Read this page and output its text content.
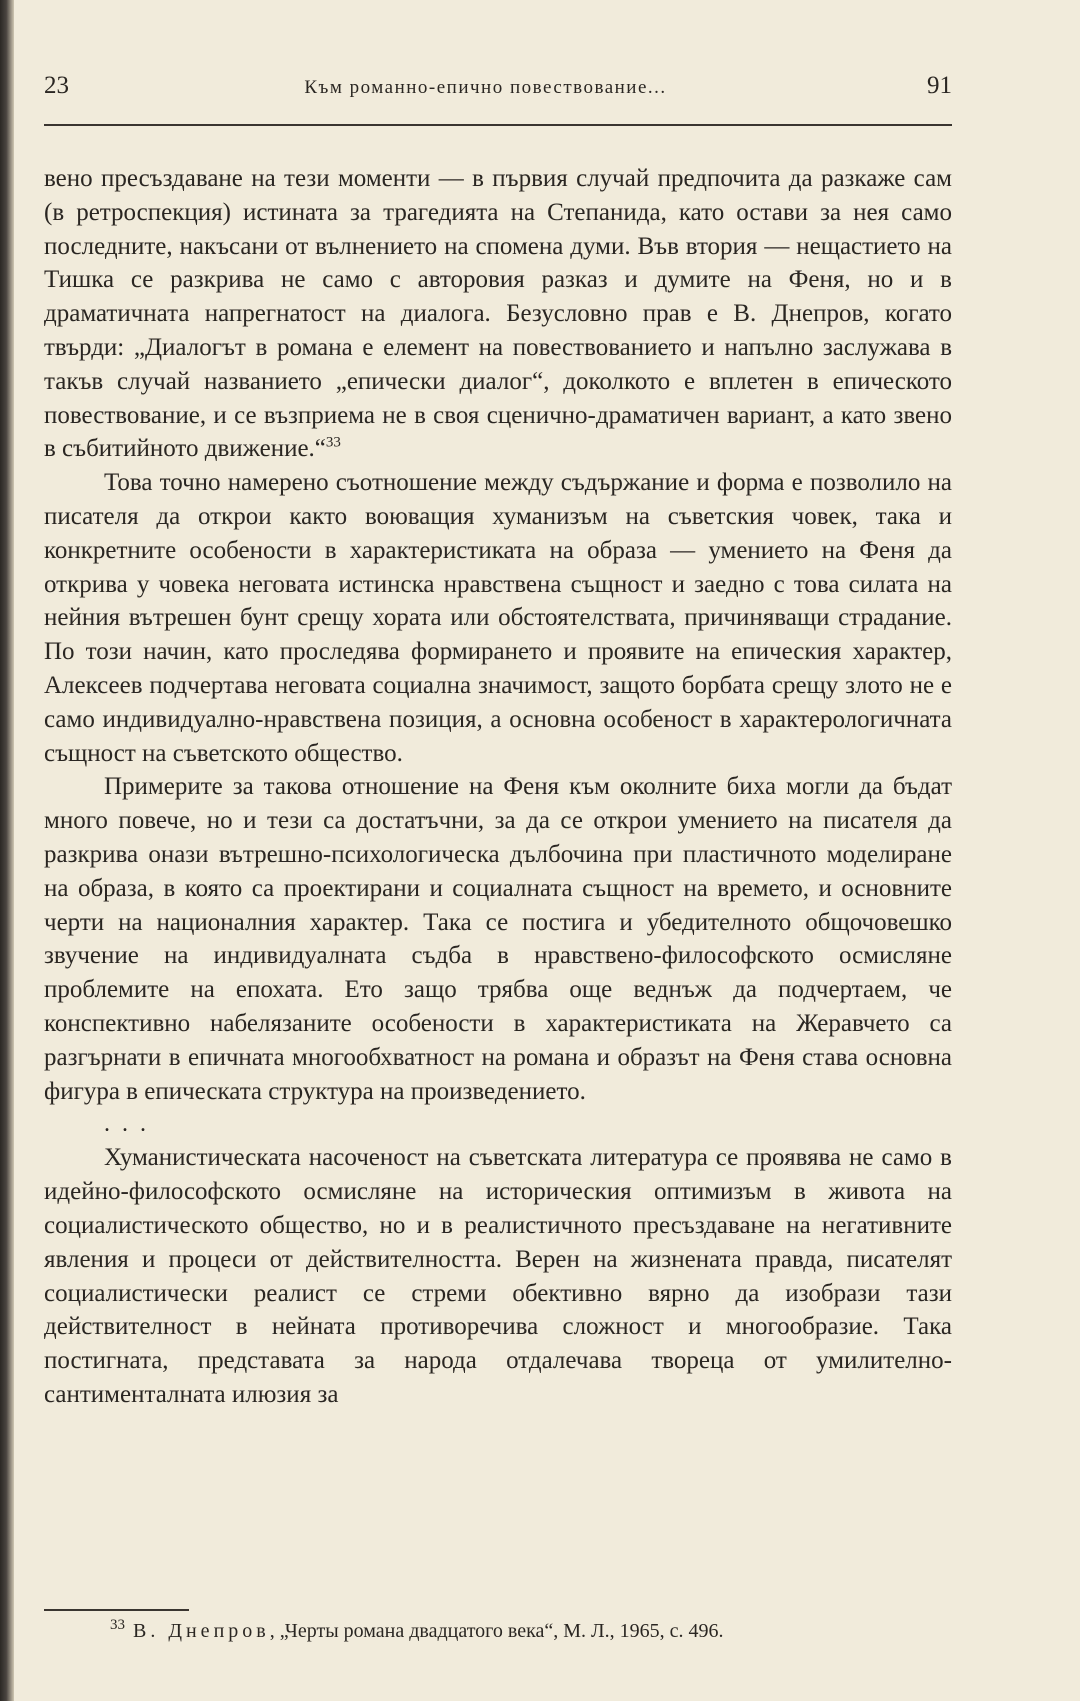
23	Към романно-епично повествование...	91

вено пресъздаване на тези моменти — в първия случай предпочита да разкаже сам (в ретроспекция) истината за трагедията на Степанида, като остави за нея само последните, накъсани от вълнението на спомена думи. Във втория — нещастието на Тишка се разкрива не само с авторовия разказ и думите на Феня, но и в драматичната напрегнатост на диалога. Безусловно прав е В. Днепров, когато твърди: „Диалогът в романа е елемент на повествованието и напълно заслужава в такъв случай названието „епически диалог“, доколкото е вплетен в епическото повествование, и се възприема не в своя сценично-драматичен вариант, а като звено в събитийното движение.“$^{33}$

Това точно намерено съотношение между съдържание и форма е позволило на писателя да открои както воюващия хуманизъм на съветския човек, така и конкретните особености в характеристиката на образа — умението на Феня да открива у човека неговата истинска нравствена същност и заедно с това силата на нейния вътрешен бунт срещу хората или обстоятелствата, причиняващи страдание. По този начин, като проследява формирането и проявите на епическия характер, Алексеев подчертава неговата социална значимост, защото борбата срещу злото не е само индивидуално-нравствена позиция, а основна особеност в характерологичната същност на съветското общество.

Примерите за такова отношение на Феня към околните биха могли да бъдат много повече, но и тези са достатъчни, за да се открои умението на писателя да разкрива онази вътрешно-психологическа дълбочина при пластичното моделиране на образа, в която са проектирани и социалната същност на времето, и основните черти на националния характер. Така се постига и убедителното общочовешко звучение на индивидуалната съдба в нравствено-философското осмисляне проблемите на епохата. Ето защо трябва още веднъж да подчертаем, че конспективно набелязаните особености в характеристиката на Жеравчето са разгърнати в епичната многообхватност на романа и образът на Феня става основна фигура в епическата структура на произведението.

. . .

Хуманистическата насоченост на съветската литература се проявява не само в идейно-философското осмисляне на историческия оптимизъм в живота на социалистическото общество, но и в реалистичното пресъздаване на негативните явления и процеси от действителността. Верен на жизнената правда, писателят социалистически реалист се стреми обективно вярно да изобрази тази действителност в нейната противоречива сложност и многообразие. Така постигната, представата за народа отдалечава твореца от умилително-сантименталната илюзия за

$^{33}$ В. Днепров, „Черты романа двадцатого века“, М. Л., 1965, с. 496.
